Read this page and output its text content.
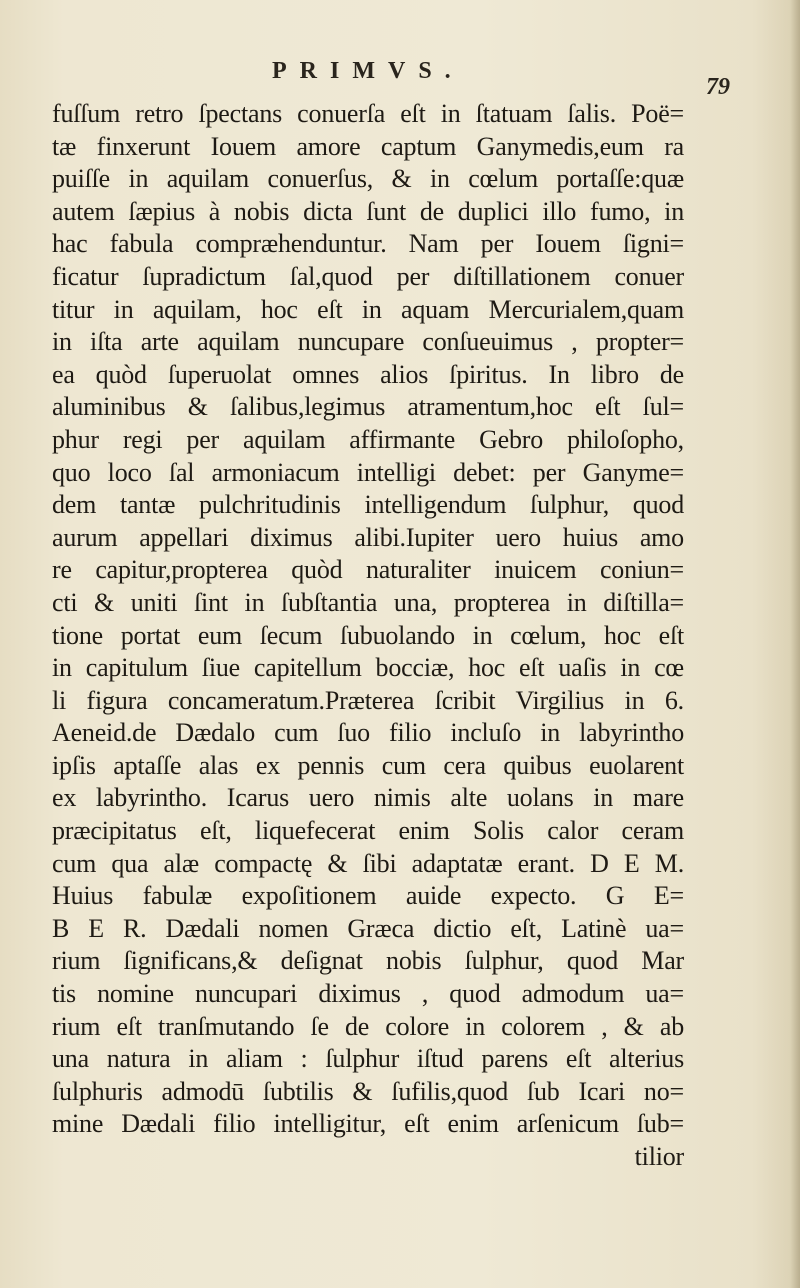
PRIMVS.
79
fuſſum retro ſpectans conuerſa eſt in ſtatuam ſalis. Poë=
tæ finxerunt Iouem amore captum Ganymedis,eum ra
puiſſe in aquilam conuerſus, & in cœlum portaſſe:quæ
autem ſæpius à nobis dicta ſunt de duplici illo fumo, in
hac fabula compræhenduntur. Nam per Iouem ſigni=
ficatur ſupradictum ſal,quod per diſtillationem conuer
titur in aquilam, hoc eſt in aquam Mercurialem,quam
in iſta arte aquilam nuncupare conſueuimus , propter=
ea quòd ſuperuolat omnes alios ſpiritus. In libro de
aluminibus & ſalibus,legimus atramentum,hoc eſt ſul=
phur regi per aquilam affirmante Gebro philoſopho,
quo loco ſal armoniacum intelligi debet: per Ganyme=
dem tantæ pulchritudinis intelligendum ſulphur, quod
aurum appellari diximus alibi.Iupiter uero huius amo
re capitur,propterea quòd naturaliter inuicem coniun=
cti & uniti ſint in ſubſtantia una, propterea in diſtilla=
tione portat eum ſecum ſubuolando in cœlum, hoc eſt
in capitulum ſiue capitellum bocciæ, hoc eſt uaſis in cœ
li figura concameratum.Præterea ſcribit Virgilius in 6.
Aeneid.de Dædalo cum ſuo filio incluſo in labyrintho
ipſis aptaſſe alas ex pennis cum cera quibus euolarent
ex labyrintho. Icarus uero nimis alte uolans in mare
præcipitatus eſt, liquefecerat enim Solis calor ceram
cum qua alæ compactę & ſibi adaptatæ erant. D E M.
Huius fabulæ expoſitionem auide expecto. G E=
B E R. Dædali nomen Græca dictio eſt, Latinè ua=
rium ſignificans,& deſignat nobis ſulphur, quod Mar
tis nomine nuncupari diximus , quod admodum ua=
rium eſt tranſmutando ſe de colore in colorem , & ab
una natura in aliam : ſulphur iſtud parens eſt alterius
ſulphuris admodū ſubtilis & ſufilis,quod ſub Icari no=
mine Dædali filio intelligitur, eſt enim arſenicum ſub=
tilior
